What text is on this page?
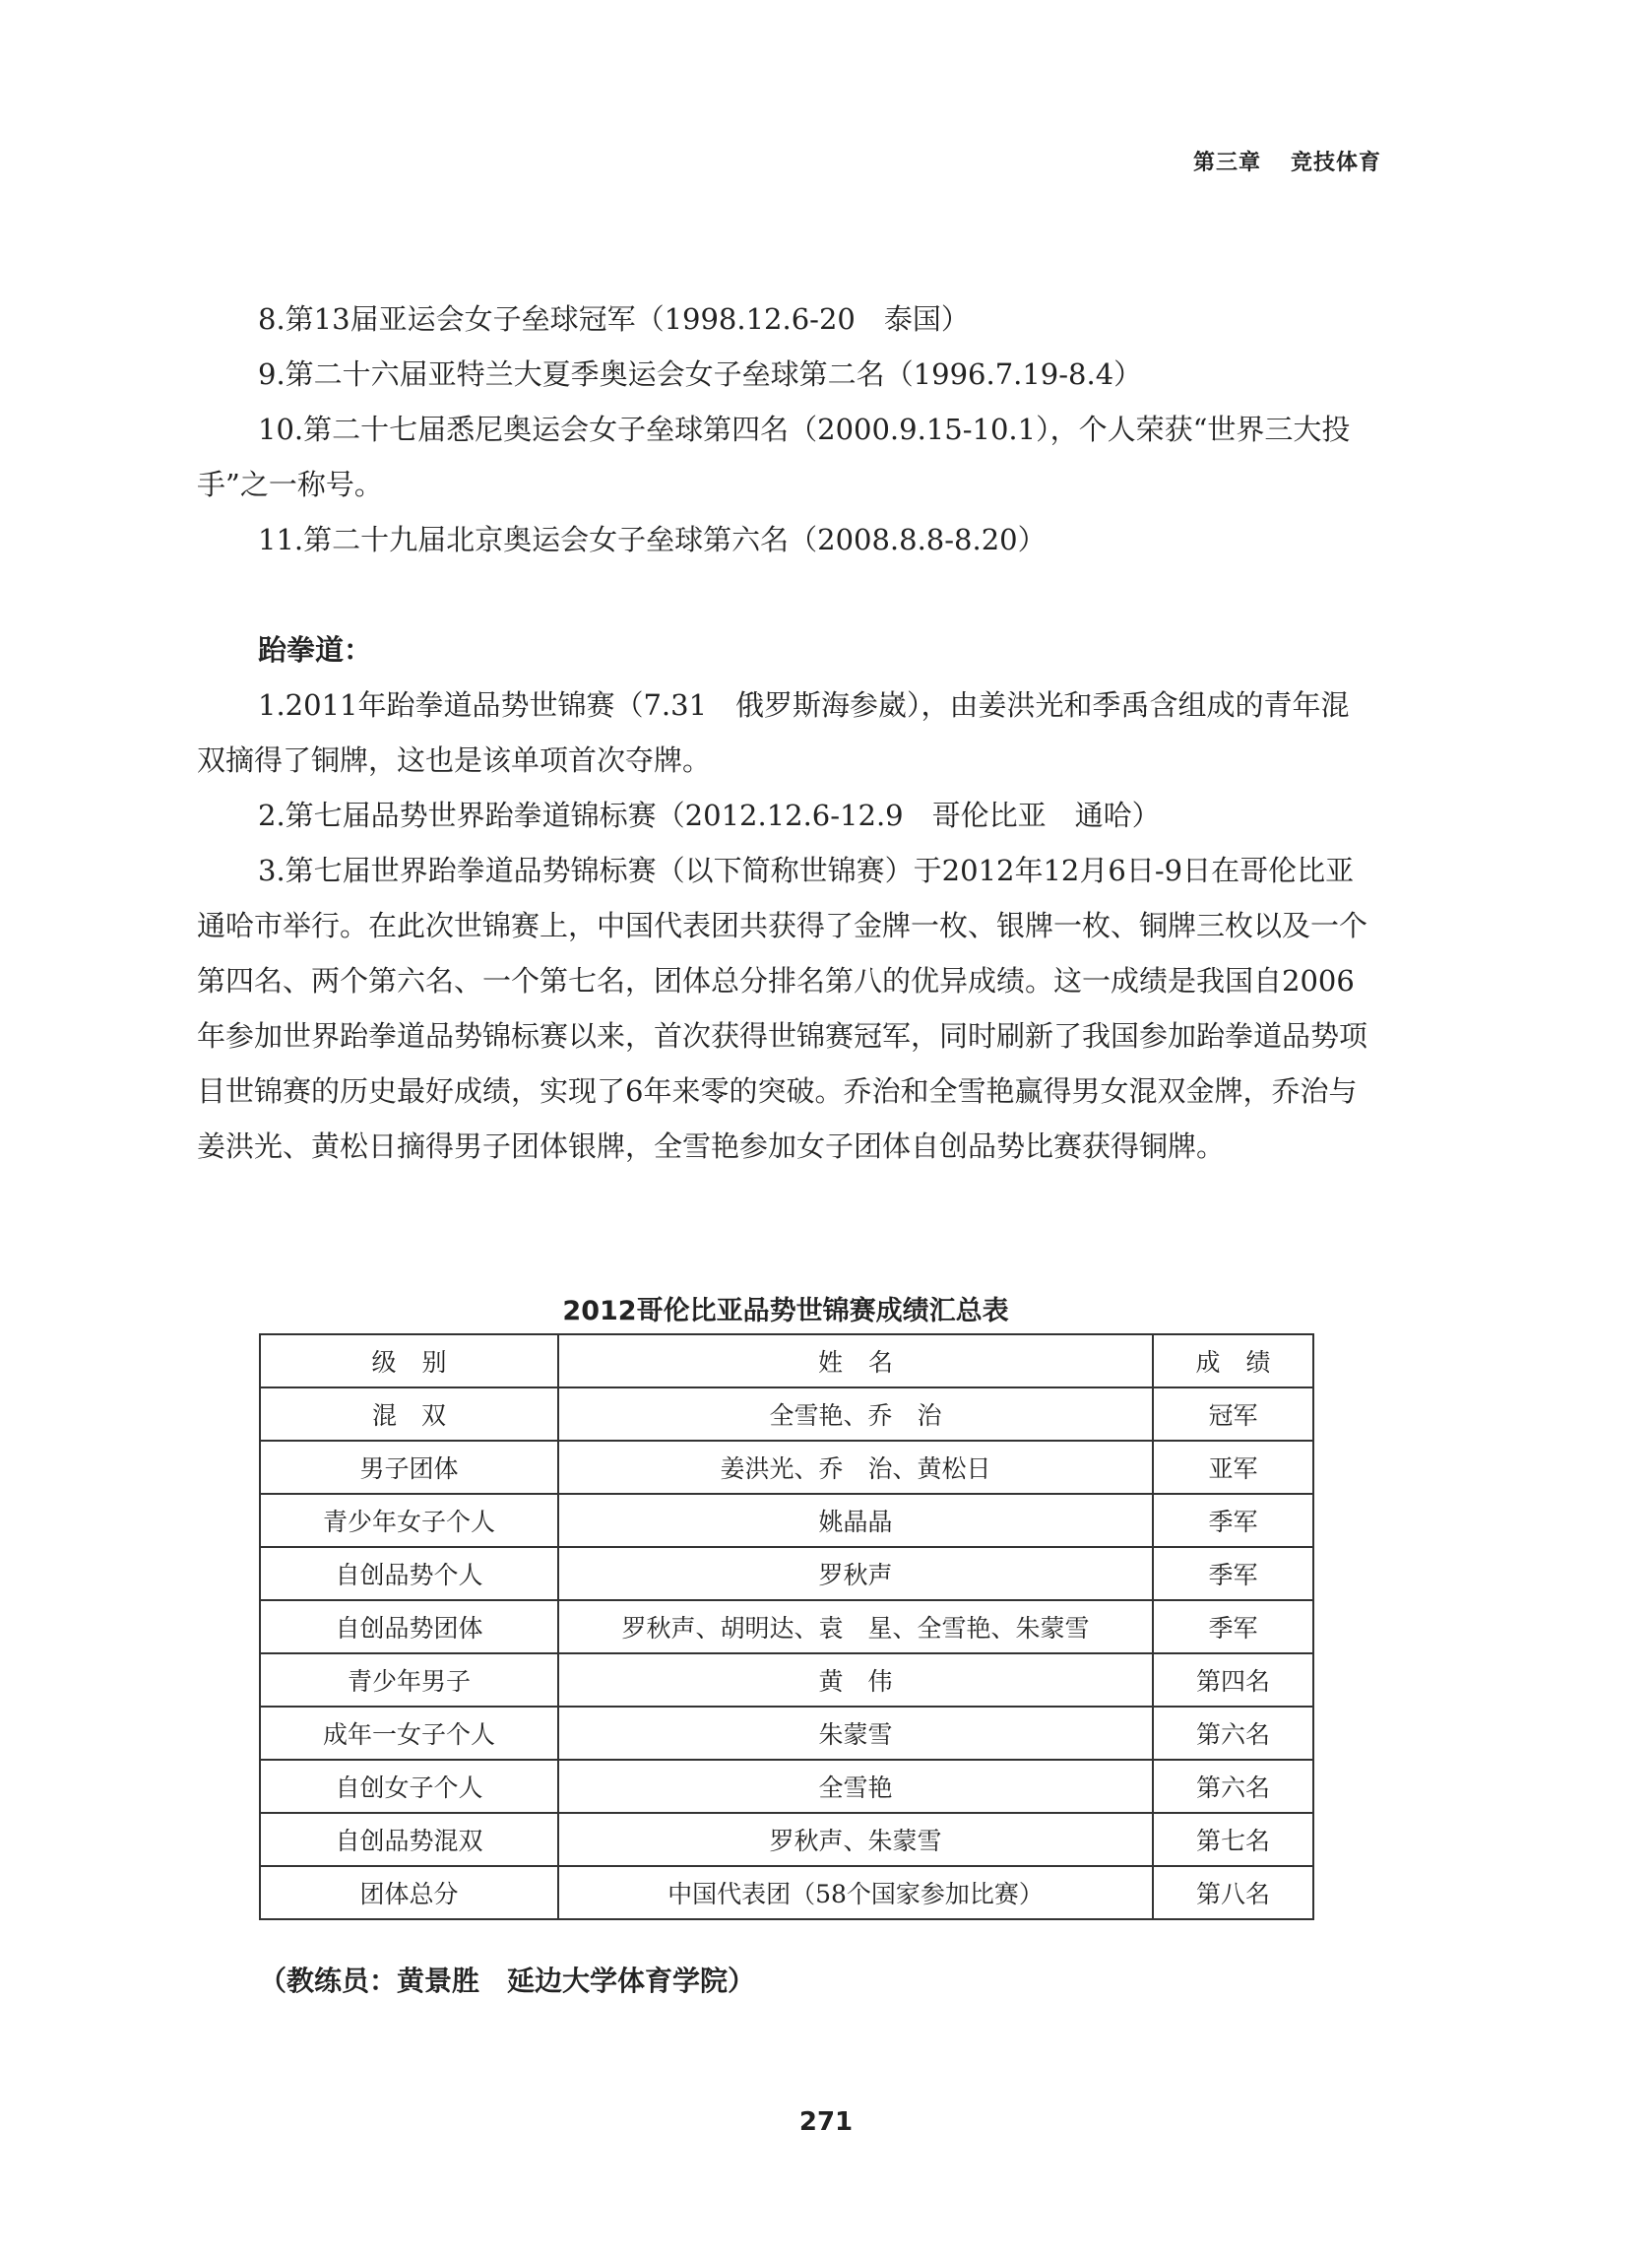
第三章 竞技体育

8.第13届亚运会女子垒球冠军（1998.12.6-20　泰国）

9.第二十六届亚特兰大夏季奥运会女子垒球第二名（1996.7.19-8.4）

10.第二十七届悉尼奥运会女子垒球第四名（2000.9.15-10.1），个人荣获“世界三大投手”之一称号。

11.第二十九届北京奥运会女子垒球第六名（2008.8.8-8.20）

跆拳道：

1.2011年跆拳道品势世锦赛（7.31　俄罗斯海参崴），由姜洪光和季禹含组成的青年混双摘得了铜牌，这也是该单项首次夺牌。

2.第七届品势世界跆拳道锦标赛（2012.12.6-12.9　哥伦比亚　通哈）

3.第七届世界跆拳道品势锦标赛（以下简称世锦赛）于2012年12月6日-9日在哥伦比亚通哈市举行。在此次世锦赛上，中国代表团共获得了金牌一枚、银牌一枚、铜牌三枚以及一个第四名、两个第六名、一个第七名，团体总分排名第八的优异成绩。这一成绩是我国自2006年参加世界跆拳道品势锦标赛以来，首次获得世锦赛冠军，同时刷新了我国参加跆拳道品势项目世锦赛的历史最好成绩，实现了6年来零的突破。乔治和全雪艳赢得男女混双金牌，乔治与姜洪光、黄松日摘得男子团体银牌，全雪艳参加女子团体自创品势比赛获得铜牌。

2012哥伦比亚品势世锦赛成绩汇总表
级别	姓名	成绩
混　双	全雪艳、乔　治	冠军
男子团体	姜洪光、乔　治、黄松日	亚军
青少年女子个人	姚晶晶	季军
自创品势个人	罗秋声	季军
自创品势团体	罗秋声、胡明达、袁　星、全雪艳、朱蒙雪	季军
青少年男子	黄　伟	第四名
成年一女子个人	朱蒙雪	第六名
自创女子个人	全雪艳	第六名
自创品势混双	罗秋声、朱蒙雪	第七名
团体总分	中国代表团（58个国家参加比赛）	第八名
（教练员：黄景胜　延边大学体育学院）
271
